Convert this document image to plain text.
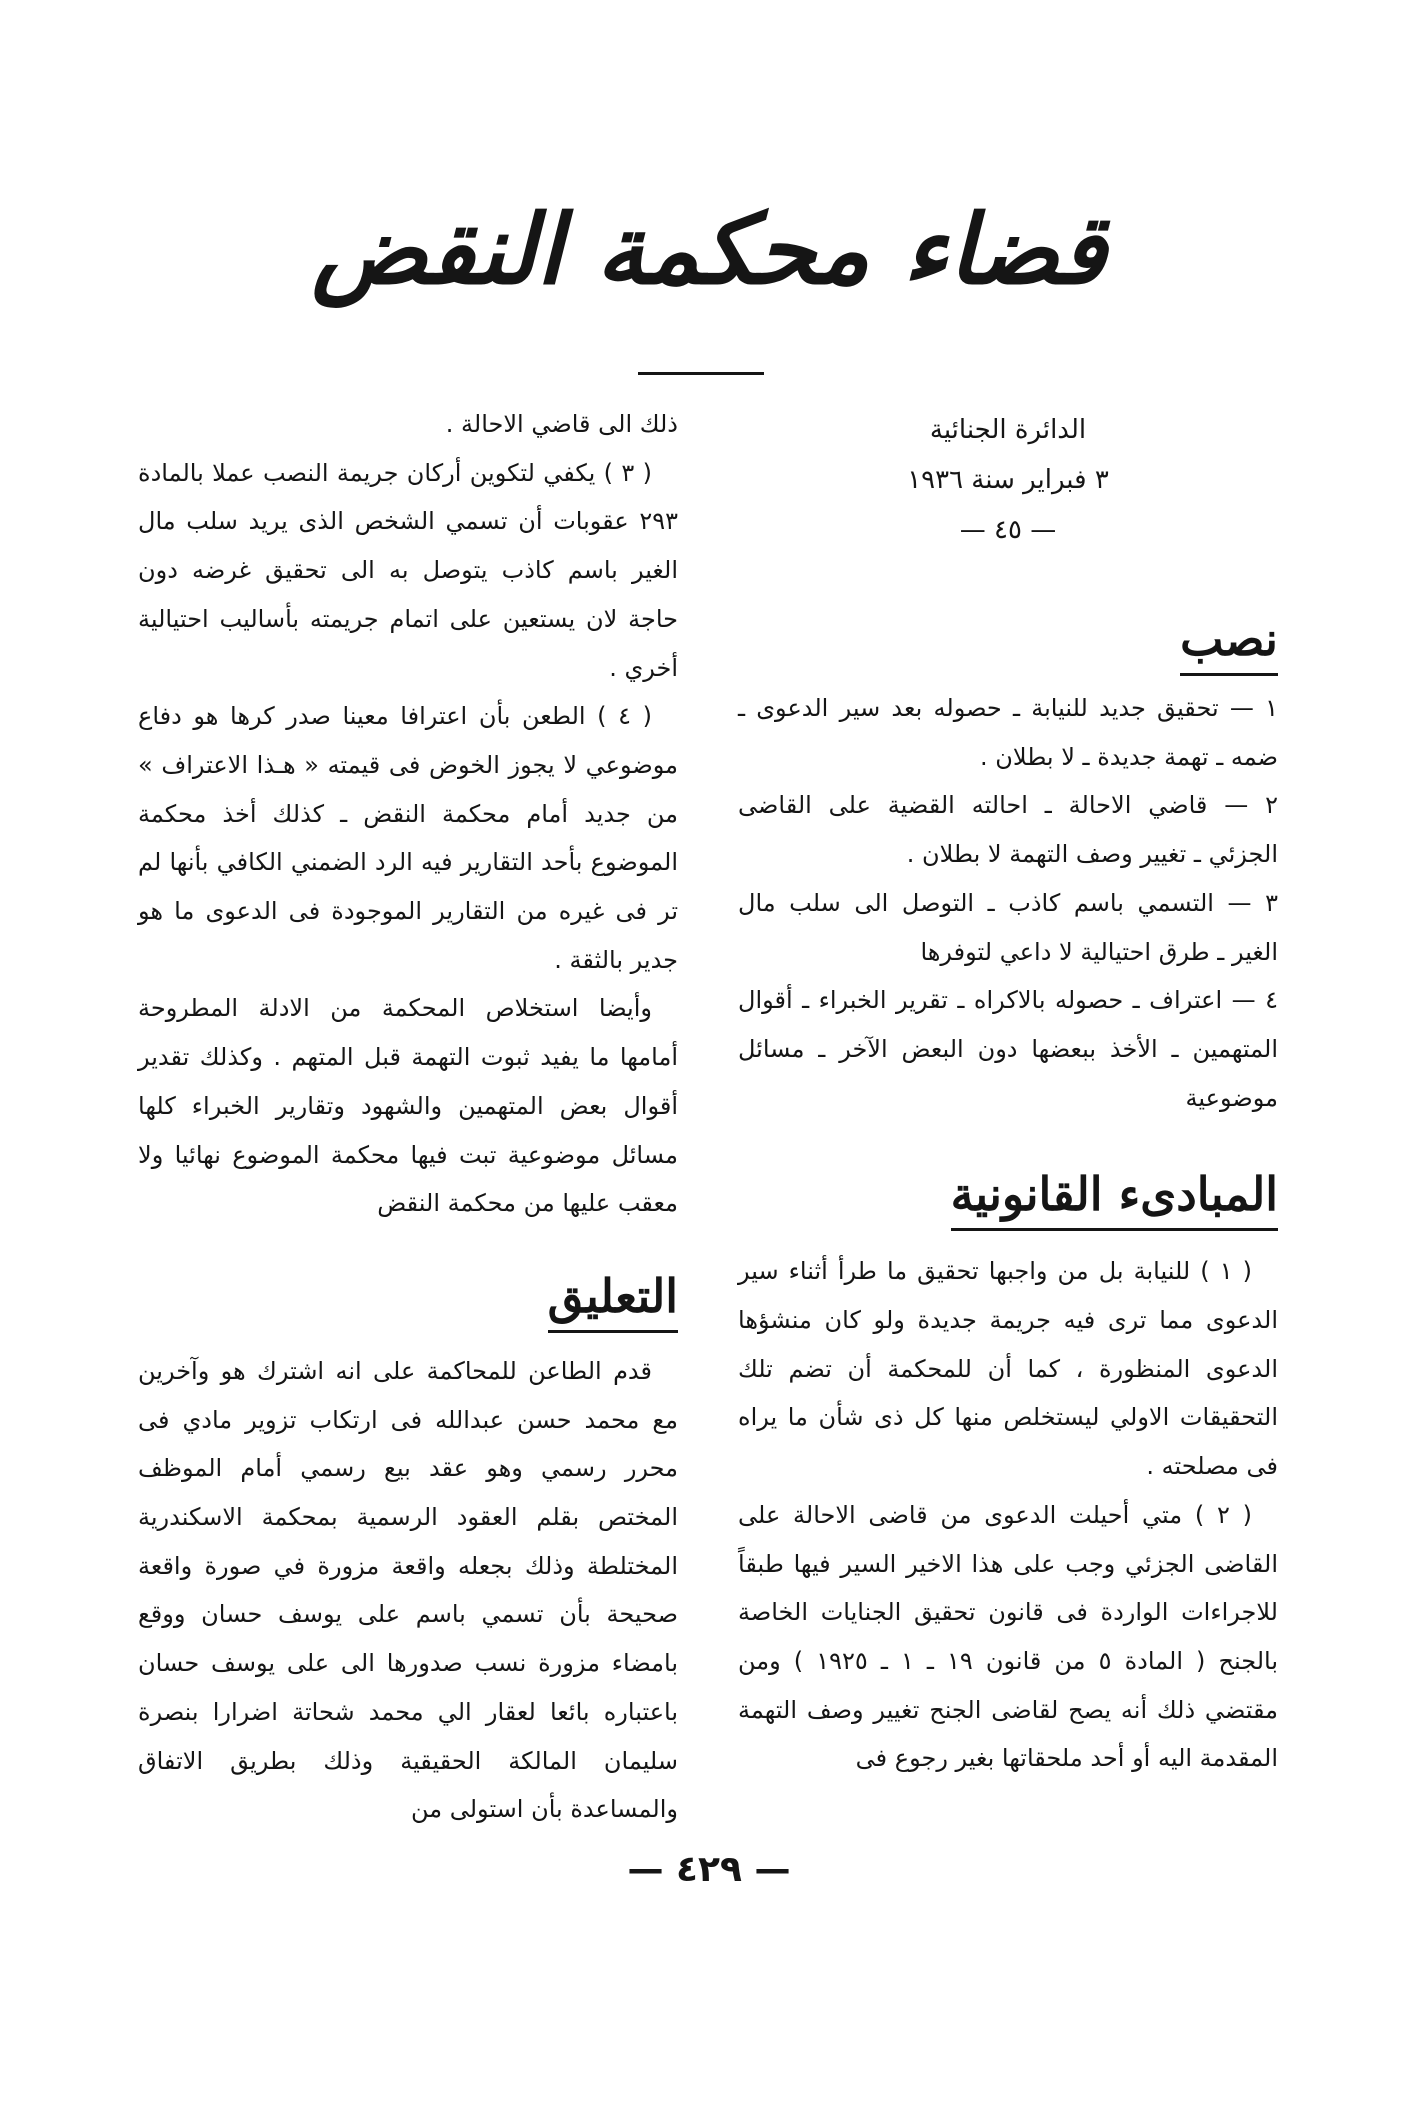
قضاء محكمة النقض

الدائرة الجنائية

٣ فبراير سنة ١٩٣٦

— ٤٥ —

نصب

١ — تحقيق جديد للنيابة ـ حصوله بعد سير الدعوى ـ ضمه ـ تهمة جديدة ـ لا بطلان .

٢ — قاضي الاحالة ـ احالته القضية على القاضى الجزئي ـ تغيير وصف التهمة لا بطلان .

٣ — التسمي باسم كاذب ـ التوصل الى سلب مال الغير ـ طرق احتيالية لا داعي لتوفرها

٤ — اعتراف ـ حصوله بالاكراه ـ تقرير الخبراء ـ أقوال المتهمين ـ الأخذ ببعضها دون البعض الآخر ـ مسائل موضوعية

المبادىء القانونية

( ١ ) للنيابة بل من واجبها تحقيق ما طرأ أثناء سير الدعوى مما ترى فيه جريمة جديدة ولو كان منشؤها الدعوى المنظورة ، كما أن للمحكمة أن تضم تلك التحقيقات الاولي ليستخلص منها كل ذى شأن ما يراه فى مصلحته .

( ٢ ) متي أحيلت الدعوى من قاضى الاحالة على القاضى الجزئي وجب على هذا الاخير السير فيها طبقاً للاجراءات الواردة فى قانون تحقيق الجنايات الخاصة بالجنح ( المادة ٥ من قانون ١٩ ـ ١ ـ ١٩٢٥ ) ومن مقتضي ذلك أنه يصح لقاضى الجنح تغيير وصف التهمة المقدمة اليه أو أحد ملحقاتها بغير رجوع فى

ذلك الى قاضي الاحالة .

( ٣ ) يكفي لتكوين أركان جريمة النصب عملا بالمادة ٢٩٣ عقوبات أن تسمي الشخص الذى يريد سلب مال الغير باسم كاذب يتوصل به الى تحقيق غرضه دون حاجة لان يستعين على اتمام جريمته بأساليب احتيالية أخري .

( ٤ ) الطعن بأن اعترافا معينا صدر كرها هو دفاع موضوعي لا يجوز الخوض فى قيمته « هـذا الاعتراف » من جديد أمام محكمة النقض ـ كذلك أخذ محكمة الموضوع بأحد التقارير فيه الرد الضمني الكافي بأنها لم تر فى غيره من التقارير الموجودة فى الدعوى ما هو جدير بالثقة .

وأيضا استخلاص المحكمة من الادلة المطروحة أمامها ما يفيد ثبوت التهمة قبل المتهم . وكذلك تقدير أقوال بعض المتهمين والشهود وتقارير الخبراء كلها مسائل موضوعية تبت فيها محكمة الموضوع نهائيا ولا معقب عليها من محكمة النقض

التعليق

قدم الطاعن للمحاكمة على انه اشترك هو وآخرين مع محمد حسن عبدالله فى ارتكاب تزوير مادي فى محرر رسمي وهو عقد بيع رسمي أمام الموظف المختص بقلم العقود الرسمية بمحكمة الاسكندرية المختلطة وذلك بجعله واقعة مزورة في صورة واقعة صحيحة بأن تسمي باسم على يوسف حسان ووقع بامضاء مزورة نسب صدورها الى على يوسف حسان باعتباره بائعا لعقار الي محمد شحاتة اضرارا بنصرة سليمان المالكة الحقيقية وذلك بطريق الاتفاق والمساعدة بأن استولى من

— ٤٢٩ —
